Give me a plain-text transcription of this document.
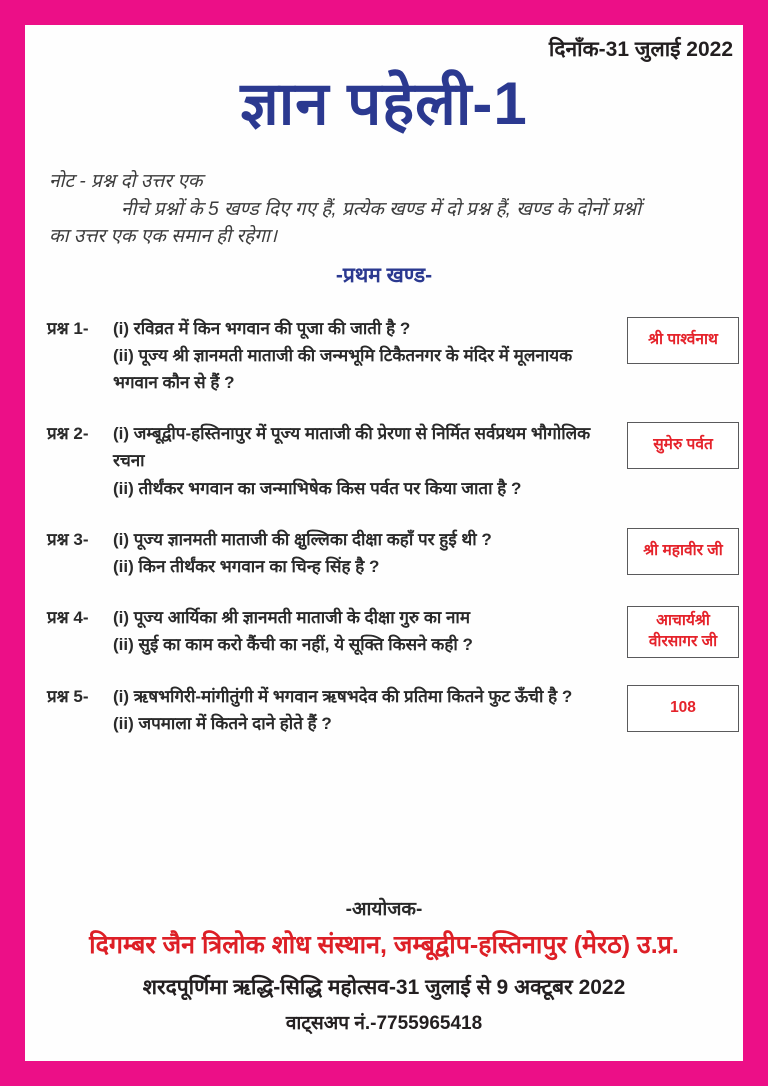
दिनाँक-31 जुलाई 2022
ज्ञान पहेली-1
नोट - प्रश्न दो उत्तर एक
नीचे प्रश्नों के 5 खण्ड दिए गए हैं, प्रत्येक खण्ड में दो प्रश्न हैं, खण्ड के दोनों प्रश्नों
का उत्तर एक एक समान ही रहेगा।
-प्रथम खण्ड-
प्रश्न 1-	(i) रविव्रत में किन भगवान की पूजा की जाती है ?
(ii) पूज्य श्री ज्ञानमती माताजी की जन्मभूमि टिकैतनगर के मंदिर में मूलनायक भगवान कौन से हैं ?
श्री पार्श्वनाथ
प्रश्न 2-	(i) जम्बूद्वीप-हस्तिनापुर में पूज्य माताजी की प्रेरणा से निर्मित सर्वप्रथम भौगोलिक रचना
(ii) तीर्थंकर भगवान का जन्माभिषेक किस पर्वत पर किया जाता है ?
सुमेरु पर्वत
प्रश्न 3-	(i) पूज्य ज्ञानमती माताजी की क्षुल्लिका दीक्षा कहाँ पर हुई थी ?
(ii) किन तीर्थंकर भगवान का चिन्ह सिंह है ?
श्री महावीर जी
प्रश्न 4-	(i) पूज्य आर्यिका श्री ज्ञानमती माताजी के दीक्षा गुरु का नाम
(ii) सुई का काम करो कैंची का नहीं, ये सूक्ति किसने कही ?
आचार्यश्री वीरसागर जी
प्रश्न 5-	(i) ऋषभगिरी-मांगीतुंगी में भगवान ऋषभदेव की प्रतिमा कितने फुट ऊँची है ?
(ii) जपमाला में कितने दाने होते हैं ?
108
-आयोजक-
दिगम्बर जैन त्रिलोक शोध संस्थान, जम्बूद्वीप-हस्तिनापुर (मेरठ) उ.प्र.
शरदपूर्णिमा ऋद्धि-सिद्धि महोत्सव-31 जुलाई से 9 अक्टूबर 2022
वाट्सअप नं.-7755965418
